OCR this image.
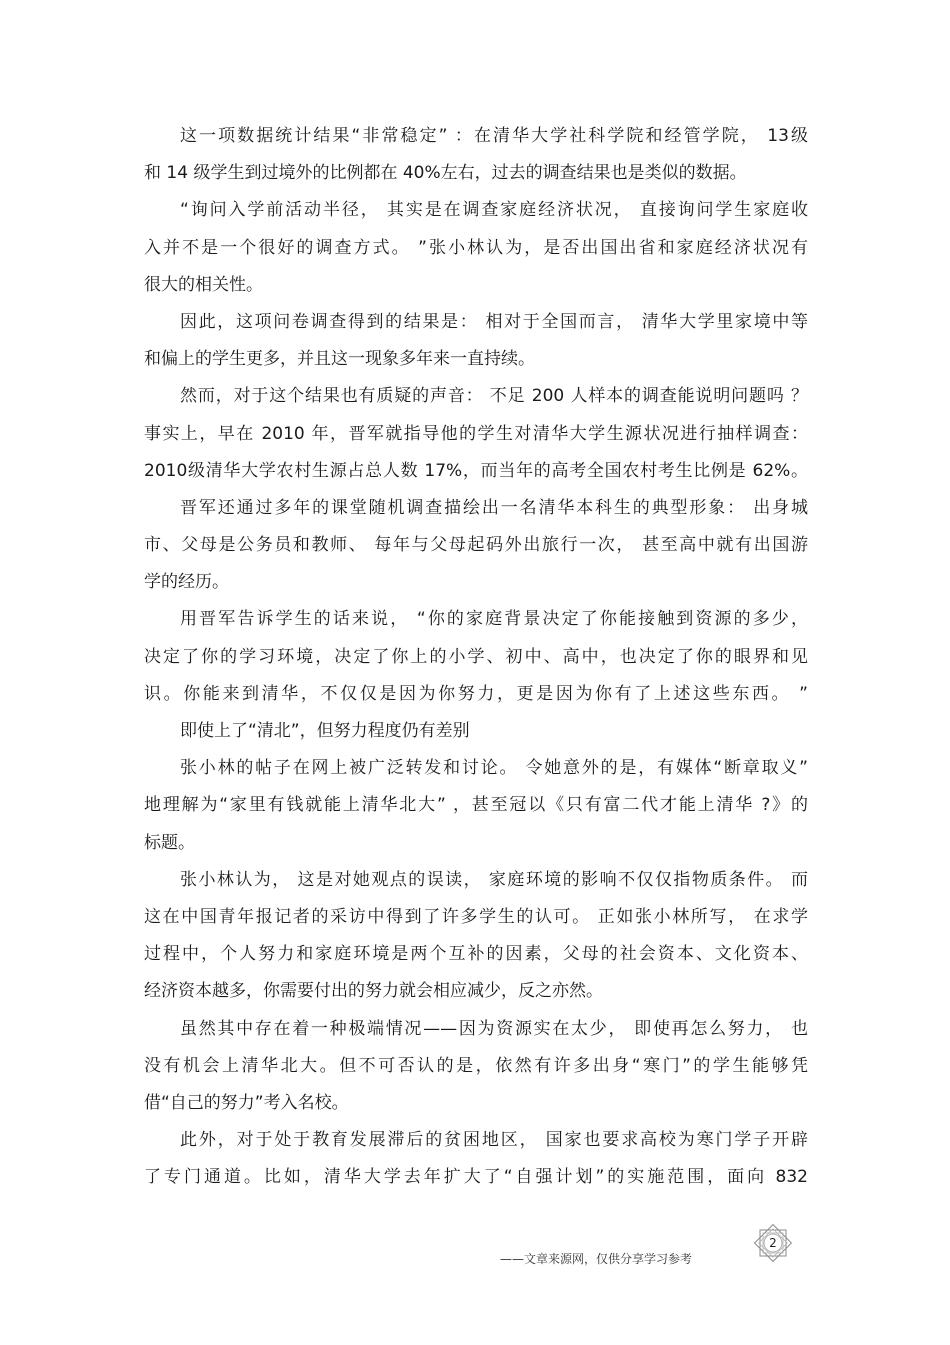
这一项数据统计结果“非常稳定” ：在清华大学社科学院和经管学院， 13级
和 14 级学生到过境外的比例都在 40%左右，过去的调查结果也是类似的数据。
“询问入学前活动半径， 其实是在调查家庭经济状况， 直接询问学生家庭收
入并不是一个很好的调查方式。 ”张小林认为，是否出国出省和家庭经济状况有
很大的相关性。
因此，这项问卷调查得到的结果是： 相对于全国而言， 清华大学里家境中等
和偏上的学生更多，并且这一现象多年来一直持续。
然而，对于这个结果也有质疑的声音： 不足 200 人样本的调查能说明问题吗 ？
事实上，早在 2010 年，晋军就指导他的学生对清华大学生源状况进行抽样调查：
2010级清华大学农村生源占总人数 17%，而当年的高考全国农村考生比例是 62%。
晋军还通过多年的课堂随机调查描绘出一名清华本科生的典型形象： 出身城
市、父母是公务员和教师、 每年与父母起码外出旅行一次， 甚至高中就有出国游
学的经历。
用晋军告诉学生的话来说， “你的家庭背景决定了你能接触到资源的多少，
决定了你的学习环境，决定了你上的小学、初中、高中，也决定了你的眼界和见
识。你能来到清华，不仅仅是因为你努力，更是因为你有了上述这些东西。 ”
即使上了“清北”，但努力程度仍有差别
张小林的帖子在网上被广泛转发和讨论。 令她意外的是，有媒体“断章取义”
地理解为“家里有钱就能上清华北大” ，甚至冠以《只有富二代才能上清华 ?》的
标题。
张小林认为， 这是对她观点的误读， 家庭环境的影响不仅仅指物质条件。 而
这在中国青年报记者的采访中得到了许多学生的认可。 正如张小林所写， 在求学
过程中，个人努力和家庭环境是两个互补的因素，父母的社会资本、文化资本、
经济资本越多，你需要付出的努力就会相应减少，反之亦然。
虽然其中存在着一种极端情况——因为资源实在太少， 即使再怎么努力， 也
没有机会上清华北大。但不可否认的是，依然有许多出身“寒门”的学生能够凭
借“自己的努力”考入名校。
此外，对于处于教育发展滞后的贫困地区， 国家也要求高校为寒门学子开辟
了专门通道。比如，清华大学去年扩大了“自强计划”的实施范围，面向 832
——文章来源网，仅供分享学习参考
2
